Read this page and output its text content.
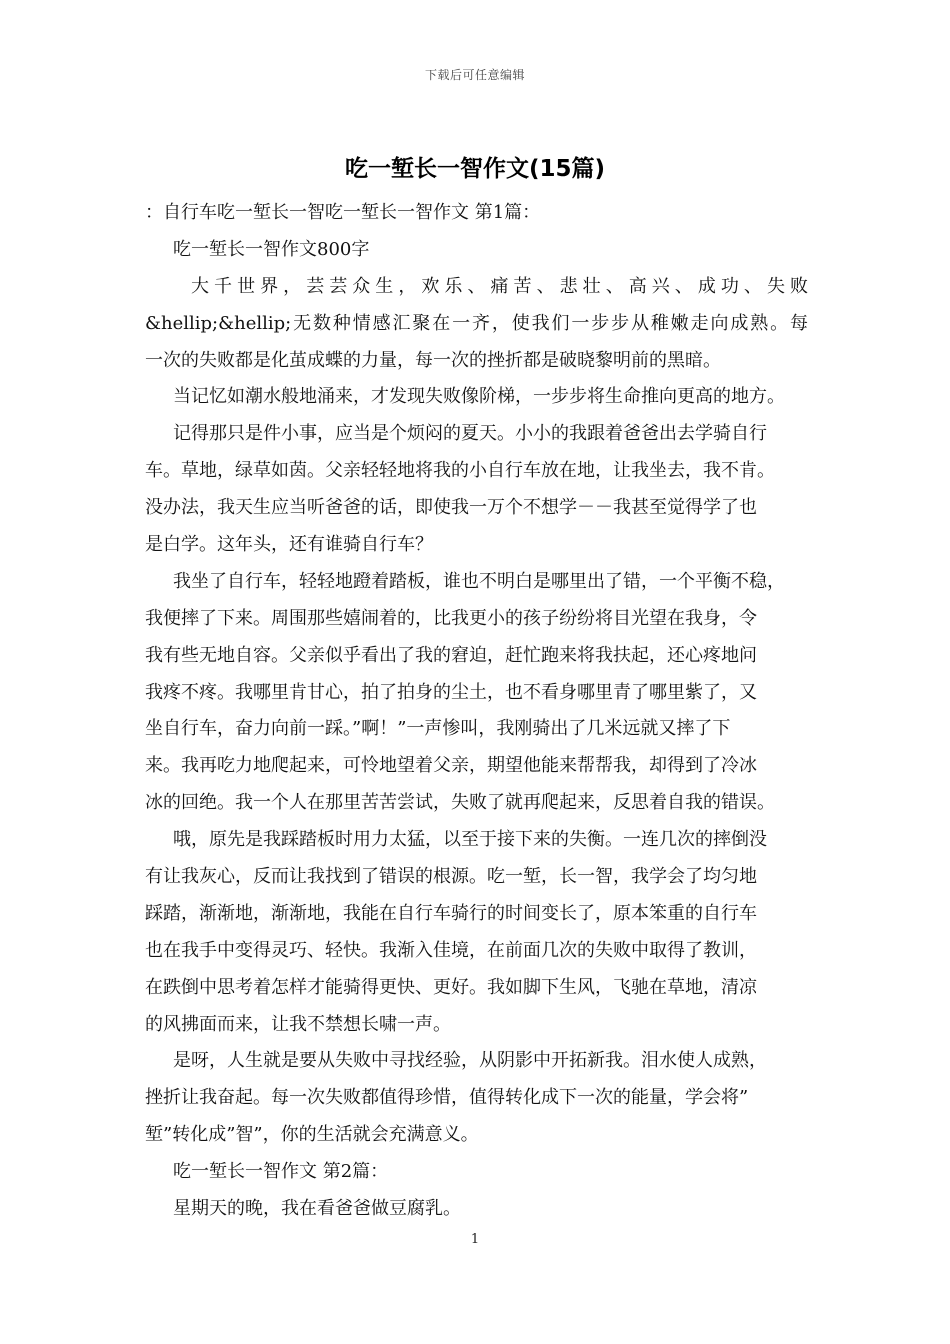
下载后可任意编辑
吃一堑长一智作文(15篇)
：自行车吃一堑长一智吃一堑长一智作文 第1篇：
吃一堑长一智作文800字
大千世界，芸芸众生，欢乐、痛苦、悲壮、高兴、成功、失败
&hellip;&hellip;无数种情感汇聚在一齐，使我们一步步从稚嫩走向成熟。每
一次的失败都是化茧成蝶的力量，每一次的挫折都是破晓黎明前的黑暗。
当记忆如潮水般地涌来，才发现失败像阶梯，一步步将生命推向更高的地方。
记得那只是件小事，应当是个烦闷的夏天。小小的我跟着爸爸出去学骑自行
车。草地，绿草如茵。父亲轻轻地将我的小自行车放在地，让我坐去，我不肯。
没办法，我天生应当听爸爸的话，即使我一万个不想学－－我甚至觉得学了也
是白学。这年头，还有谁骑自行车？
我坐了自行车，轻轻地蹬着踏板，谁也不明白是哪里出了错，一个平衡不稳，
我便摔了下来。周围那些嬉闹着的，比我更小的孩子纷纷将目光望在我身，令
我有些无地自容。父亲似乎看出了我的窘迫，赶忙跑来将我扶起，还心疼地问
我疼不疼。我哪里肯甘心，拍了拍身的尘土，也不看身哪里青了哪里紫了，又
坐自行车，奋力向前一踩。”啊！”一声惨叫，我刚骑出了几米远就又摔了下
来。我再吃力地爬起来，可怜地望着父亲，期望他能来帮帮我，却得到了冷冰
冰的回绝。我一个人在那里苦苦尝试，失败了就再爬起来，反思着自我的错误。
哦，原先是我踩踏板时用力太猛，以至于接下来的失衡。一连几次的摔倒没
有让我灰心，反而让我找到了错误的根源。吃一堑，长一智，我学会了均匀地
踩踏，渐渐地，渐渐地，我能在自行车骑行的时间变长了，原本笨重的自行车
也在我手中变得灵巧、轻快。我渐入佳境，在前面几次的失败中取得了教训，
在跌倒中思考着怎样才能骑得更快、更好。我如脚下生风，飞驰在草地，清凉
的风拂面而来，让我不禁想长啸一声。
是呀，人生就是要从失败中寻找经验，从阴影中开拓新我。泪水使人成熟，
挫折让我奋起。每一次失败都值得珍惜，值得转化成下一次的能量，学会将”
堑”转化成”智”，你的生活就会充满意义。
吃一堑长一智作文 第2篇：
星期天的晚，我在看爸爸做豆腐乳。
1
